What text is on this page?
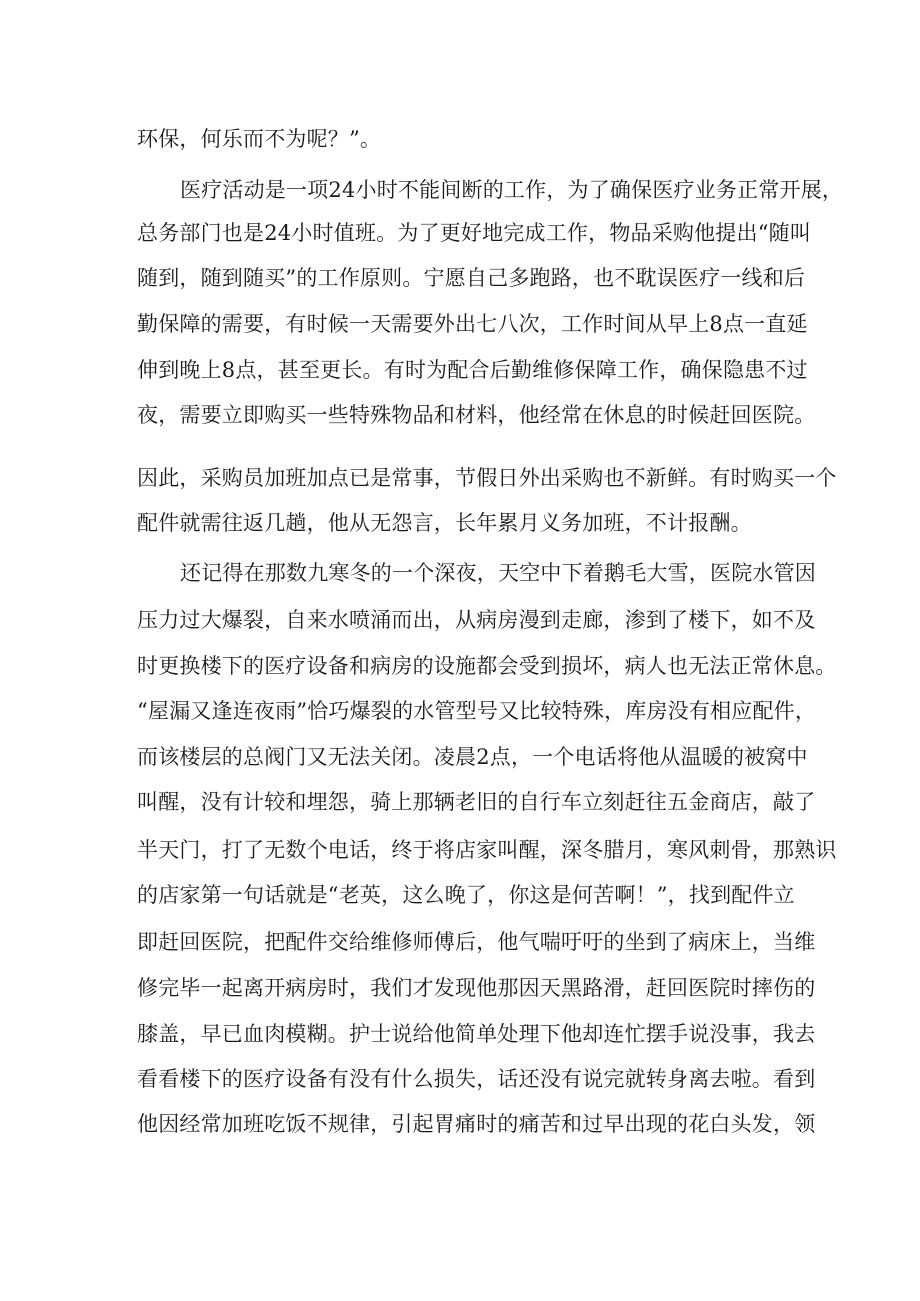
环保，何乐而不为呢？”。
医疗活动是一项24小时不能间断的工作，为了确保医疗业务正常开展，
总务部门也是24小时值班。为了更好地完成工作，物品采购他提出“随叫
随到，随到随买”的工作原则。宁愿自己多跑路，也不耽误医疗一线和后
勤保障的需要，有时候一天需要外出七八次，工作时间从早上8点一直延
伸到晚上8点，甚至更长。有时为配合后勤维修保障工作，确保隐患不过
夜，需要立即购买一些特殊物品和材料，他经常在休息的时候赶回医院。
因此，采购员加班加点已是常事，节假日外出采购也不新鲜。有时购买一个
配件就需往返几趟，他从无怨言，长年累月义务加班，不计报酬。
还记得在那数九寒冬的一个深夜，天空中下着鹅毛大雪，医院水管因
压力过大爆裂，自来水喷涌而出，从病房漫到走廊，渗到了楼下，如不及
时更换楼下的医疗设备和病房的设施都会受到损坏，病人也无法正常休息。
“屋漏又逢连夜雨”恰巧爆裂的水管型号又比较特殊，库房没有相应配件，
而该楼层的总阀门又无法关闭。凌晨2点，一个电话将他从温暖的被窝中
叫醒，没有计较和埋怨，骑上那辆老旧的自行车立刻赶往五金商店，敲了
半天门，打了无数个电话，终于将店家叫醒，深冬腊月，寒风刺骨，那熟识
的店家第一句话就是“老英，这么晚了，你这是何苦啊！”，找到配件立
即赶回医院，把配件交给维修师傅后，他气喘吁吁的坐到了病床上，当维
修完毕一起离开病房时，我们才发现他那因天黑路滑，赶回医院时摔伤的
膝盖，早已血肉模糊。护士说给他简单处理下他却连忙摆手说没事，我去
看看楼下的医疗设备有没有什么损失，话还没有说完就转身离去啦。看到
他因经常加班吃饭不规律，引起胃痛时的痛苦和过早出现的花白头发，领
